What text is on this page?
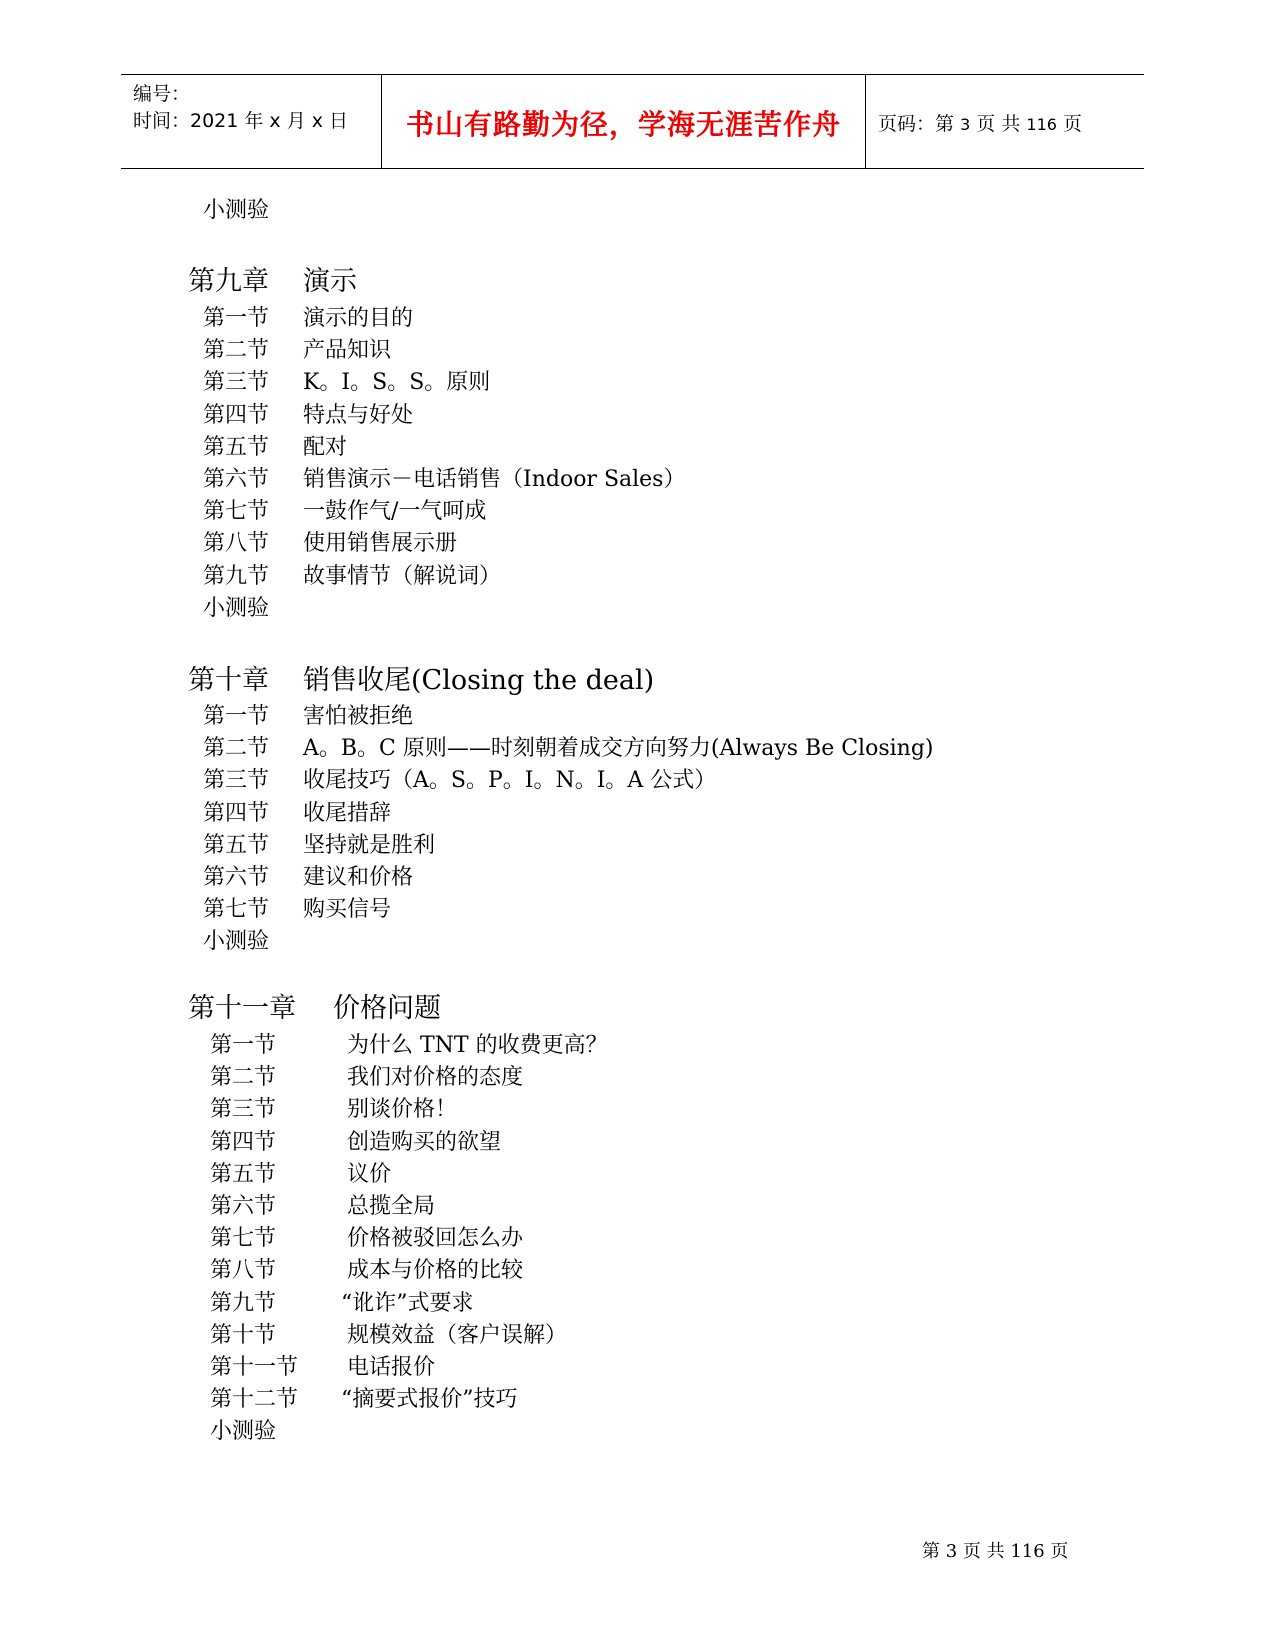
编号：
时间：2021 年 x 月 x 日	书山有路勤为径，学海无涯苦作舟	页码：第 3 页 共 116 页
小测验
第九章 演示
第一节 演示的目的
第二节 产品知识
第三节 K。I。S。S。原则
第四节 特点与好处
第五节 配对
第六节 销售演示－电话销售（Indoor Sales）
第七节 一鼓作气/一气呵成
第八节 使用销售展示册
第九节 故事情节（解说词）
小测验
第十章 销售收尾(Closing the deal)
第一节 害怕被拒绝
第二节 A。B。C 原则——时刻朝着成交方向努力(Always Be Closing)
第三节 收尾技巧（A。S。P。I。N。I。A 公式）
第四节 收尾措辞
第五节 坚持就是胜利
第六节 建议和价格
第七节 购买信号
小测验
第十一章 价格问题
第一节	为什么 TNT 的收费更高？
第二节	我们对价格的态度
第三节	别谈价格！
第四节	创造购买的欲望
第五节	议价
第六节	总揽全局
第七节	价格被驳回怎么办
第八节	成本与价格的比较
第九节	“讹诈”式要求
第十节	规模效益（客户误解）
第十一节 电话报价
第十二节 “摘要式报价”技巧
小测验
第 3 页 共 116 页
